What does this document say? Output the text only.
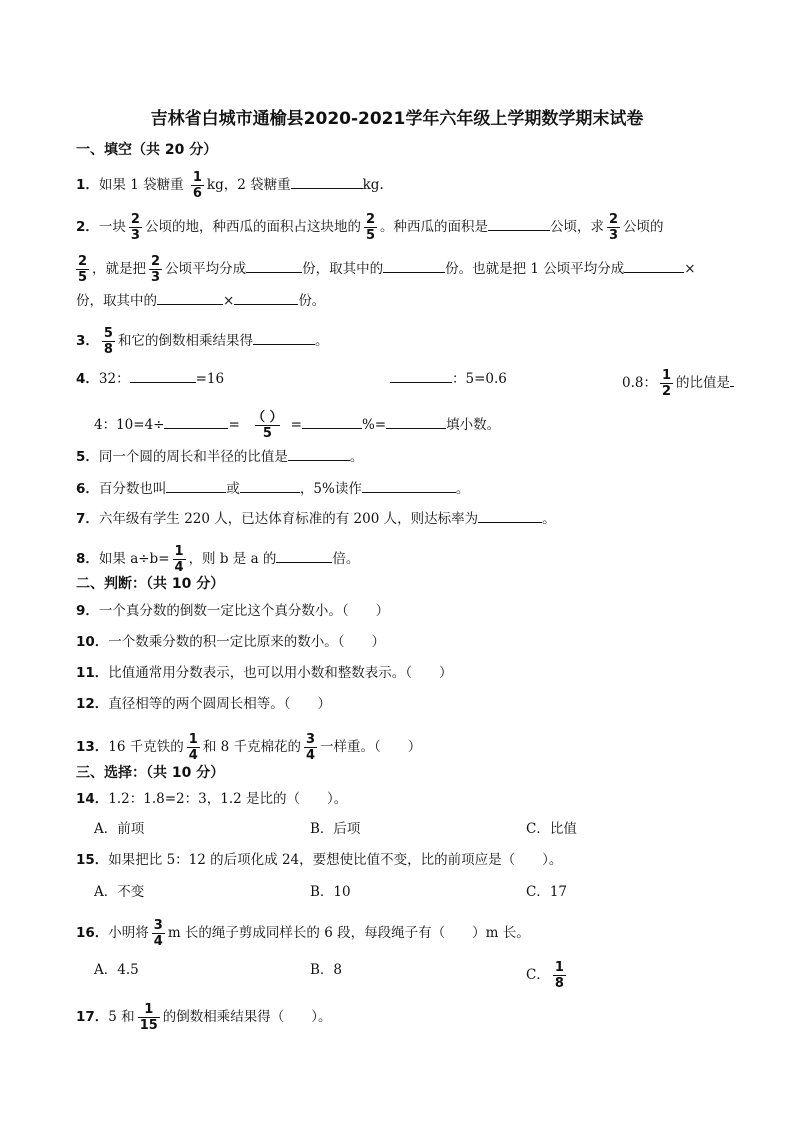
吉林省白城市通榆县2020-2021学年六年级上学期数学期末试卷
一、填空（共 20 分）
1．如果 1 袋糖重 $\frac{1}{6}$ kg，2 袋糖重	kg.
2．一块 $\frac{2}{3}$ 公顷的地，种西瓜的面积占这块地的 $\frac{2}{5}$ 。种西瓜的面积是	公顷，求 $\frac{2}{3}$ 公顷的
$\frac{2}{5}$ ，就是把 $\frac{2}{3}$ 公顷平均分成	份，取其中的	份。也就是把 1 公顷平均分成	×
份，取其中的	×	份。
3． $\frac{5}{8}$ 和它的倒数相乘结果得	。
4．32：	=16	：5=0.6	0.8： $\frac{1}{2}$ 的比值是
4：10=4÷	= $\frac{( )}{5}$ =	%=	填小数。
5．同一个圆的周长和半径的比值是	。
6．百分数也叫	或	，5%读作	。
7．六年级有学生 220 人，已达体育标准的有 200 人，则达标率为	。
8．如果 $a\div b= \frac{1}{4}$ ，则 b 是 a 的	倍。
二、判断：（共 10 分）
9．一个真分数的倒数一定比这个真分数小。（　　）
10．一个数乘分数的积一定比原来的数小。（　　）
11．比值通常用分数表示，也可以用小数和整数表示。（　　）
12．直径相等的两个圆周长相等。（　　）
13．16 千克铁的 $\frac{1}{4}$ 和 8 千克棉花的 $\frac{3}{4}$ 一样重。（　　）
三、选择：（共 10 分）
14．1.2：1.8=2：3，1.2 是比的（　　）。
A．前项	B．后项	C．比值
15．如果把比 5：12 的后项化成 24，要想使比值不变，比的前项应是（　　）。
A．不变	B．10	C．17
16．小明将 $\frac{3}{4}$ m 长的绳子剪成同样长的 6 段，每段绳子有（　　）m 长。
A．4.5	B．8	C． $\frac{1}{8}$
17．5 和 $\frac{1}{15}$ 的倒数相乘结果得（　　）。
